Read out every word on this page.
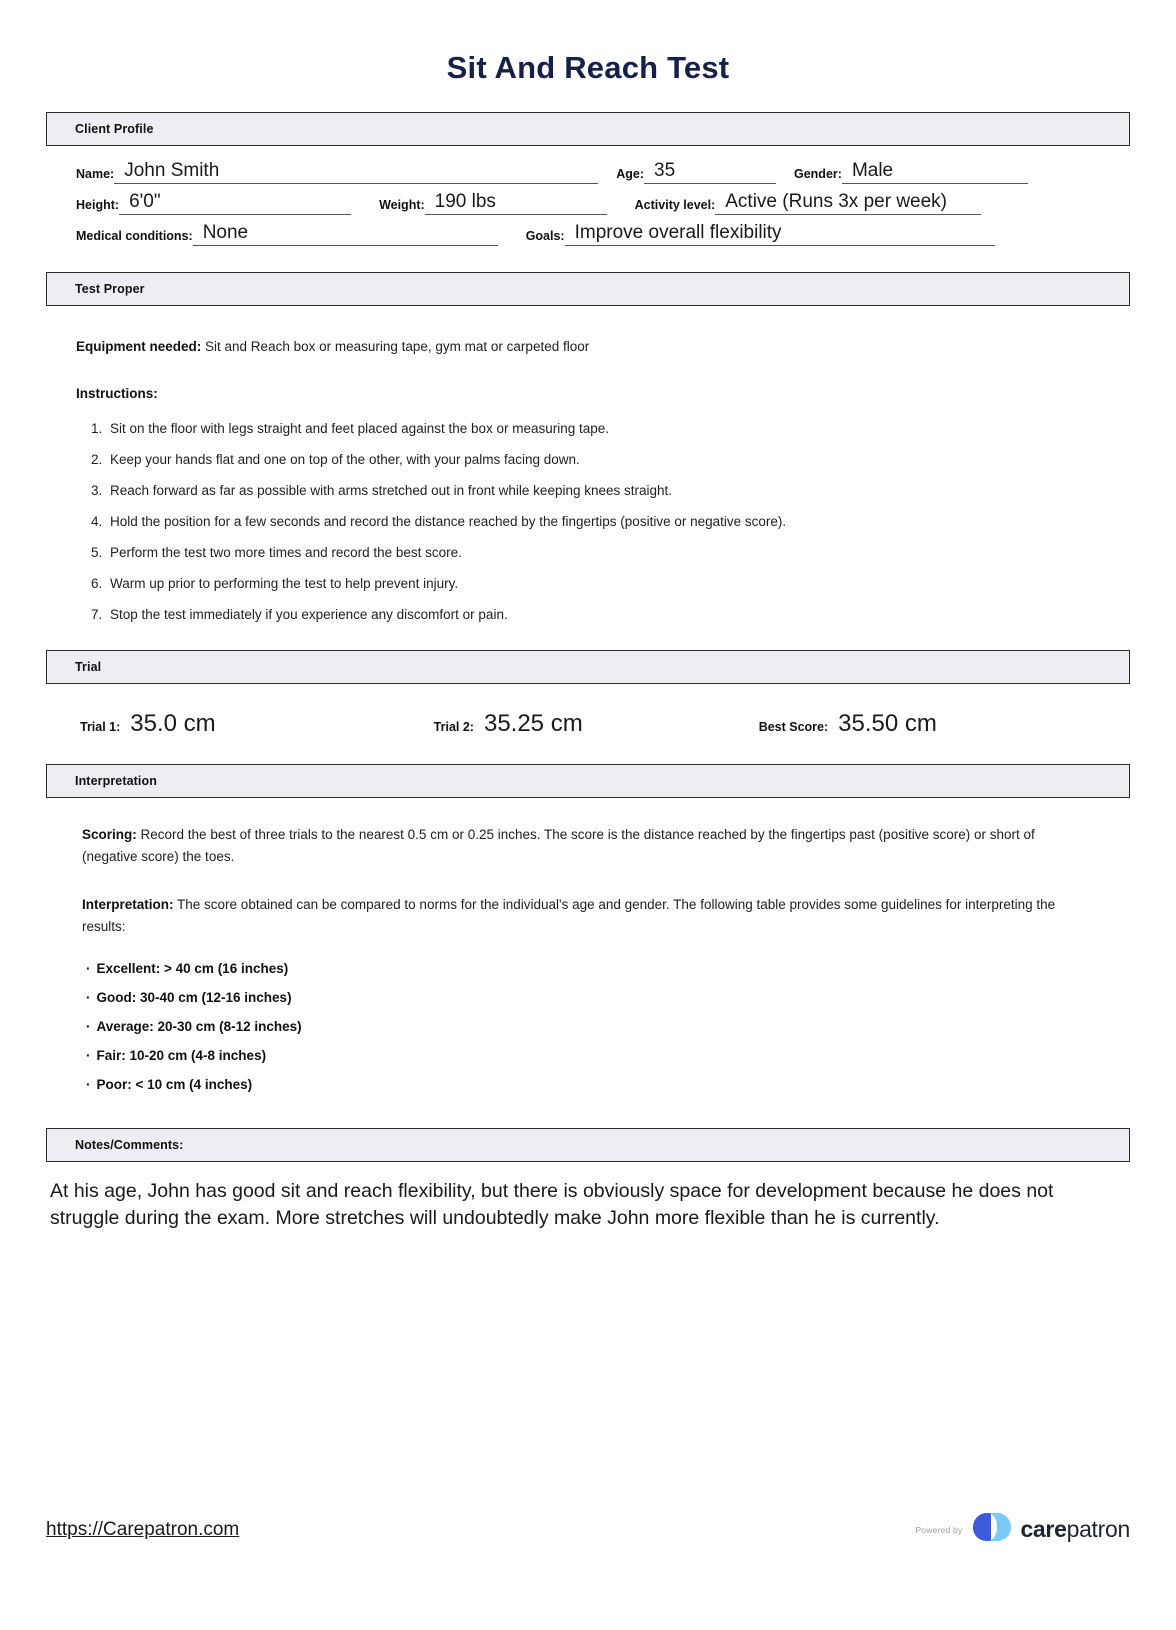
Sit And Reach Test
Client Profile
Name: John Smith	Age: 35	Gender: Male
Height: 6'0"	Weight: 190 lbs	Activity level: Active (Runs 3x per week)
Medical conditions: None	Goals: Improve overall flexibility
Test Proper

Equipment needed: Sit and Reach box or measuring tape, gym mat or carpeted floor

Instructions:

1. Sit on the floor with legs straight and feet placed against the box or measuring tape.
2. Keep your hands flat and one on top of the other, with your palms facing down.
3. Reach forward as far as possible with arms stretched out in front while keeping knees straight.
4. Hold the position for a few seconds and record the distance reached by the fingertips (positive or negative score).
5. Perform the test two more times and record the best score.
6. Warm up prior to performing the test to help prevent injury.
7. Stop the test immediately if you experience any discomfort or pain.
Trial
Trial 1: 35.0 cm	Trial 2: 35.25 cm	Best Score: 35.50 cm
Interpretation

Scoring: Record the best of three trials to the nearest 0.5 cm or 0.25 inches. The score is the distance reached by the fingertips past (positive score) or short of (negative score) the toes.

Interpretation: The score obtained can be compared to norms for the individual's age and gender. The following table provides some guidelines for interpreting the results:

· Excellent: > 40 cm (16 inches)
· Good: 30-40 cm (12-16 inches)
· Average: 20-30 cm (8-12 inches)
· Fair: 10-20 cm (4-8 inches)
· Poor: < 10 cm (4 inches)
Notes/Comments:
At his age, John has good sit and reach flexibility, but there is obviously space for development because he does not struggle during the exam. More stretches will undoubtedly make John more flexible than he is currently.
https://Carepatron.com	Powered by	carepatron
